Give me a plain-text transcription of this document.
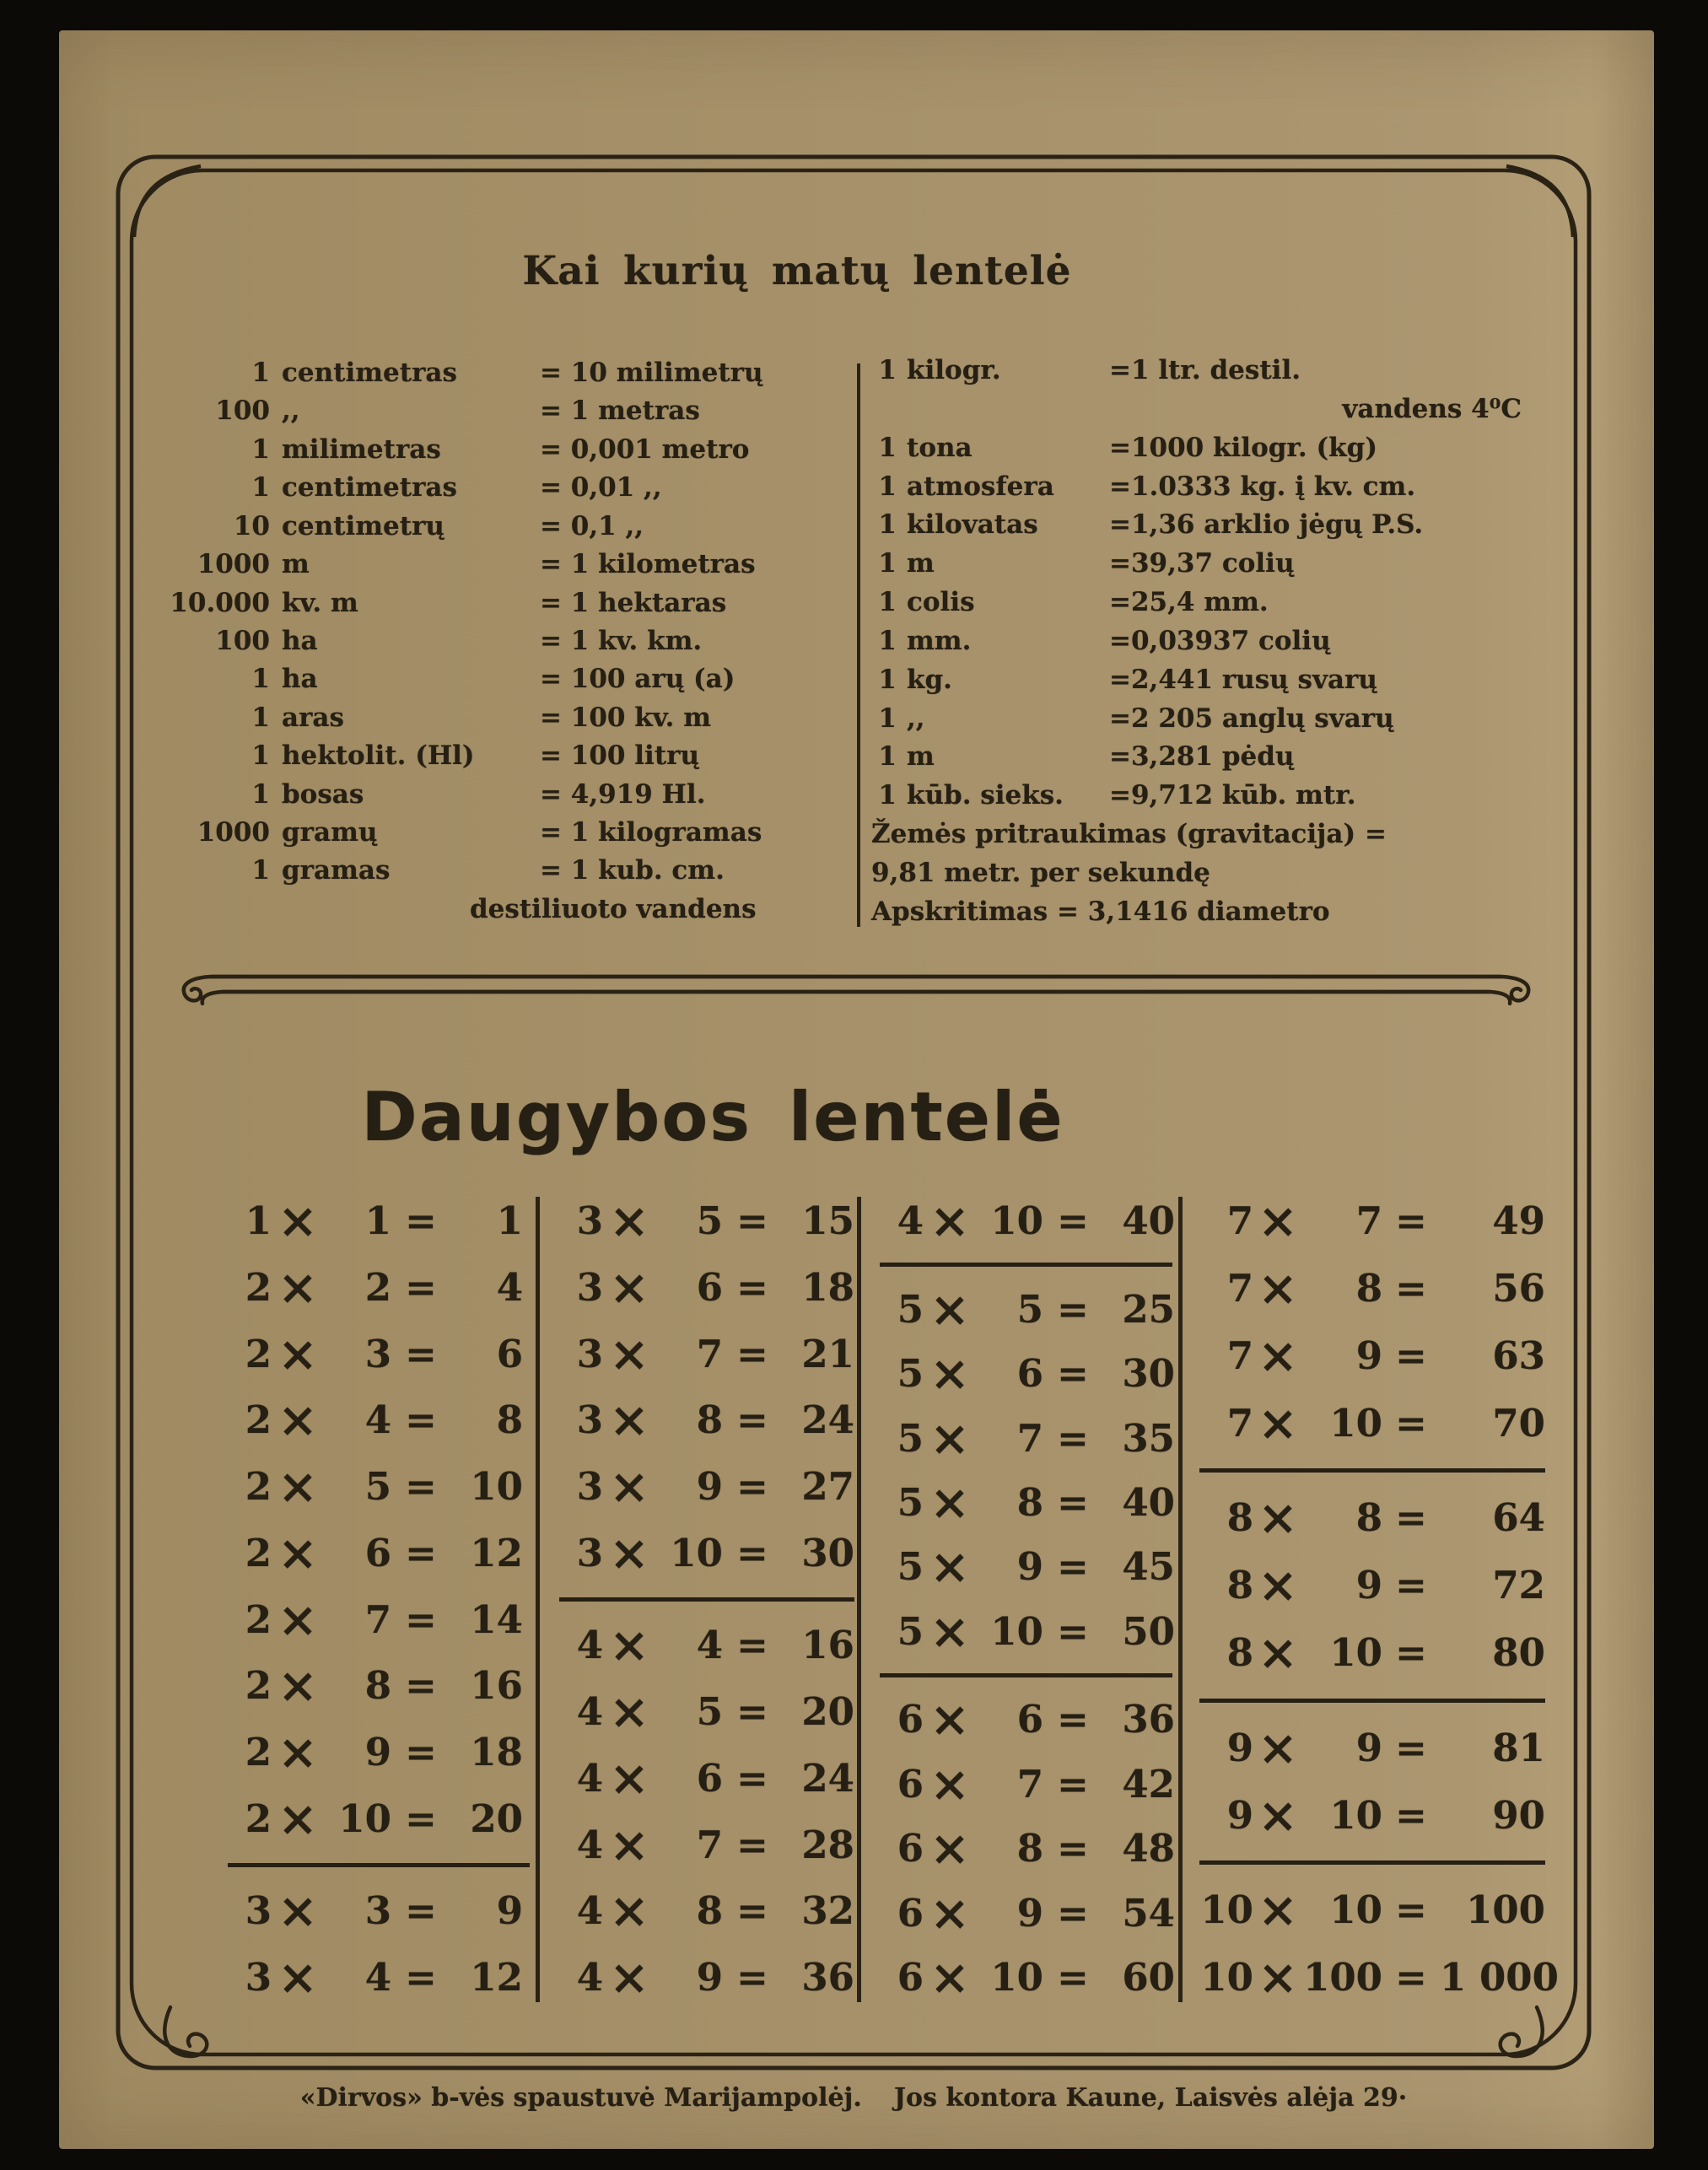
Kai kurių matų lentelė
1 centimetras	= 10 milimetrų
100 ,,	= 1 metras
1 milimetras	= 0,001 metro
1 centimetras	= 0,01 ,,
10 centimetrų	= 0,1 ,,
1000 m	= 1 kilometras
10.000 kv. m	= 1 hektaras
100 ha	= 1 kv. km.
1 ha	= 100 arų (a)
1 aras	= 100 kv. m
1 hektolit. (Hl)	= 100 litrų
1 bosas	= 4,919 Hl.
1000 gramų	= 1 kilogramas
1 gramas	= 1 kub. cm.
destiliuoto vandens
1 kilogr.	=1 ltr. destil.
vandens 4⁰C
1 tona	=1000 kilogr. (kg)
1 atmosfera	=1.0333 kg. į kv. cm.
1 kilovatas	=1,36 arklio jėgų P.S.
1 m	=39,37 colių
1 colis	=25,4 mm.
1 mm.	=0,03937 colių
1 kg.	=2,441 rusų svarų
1 ,,	=2 205 anglų svarų
1 m	=3,281 pėdų
1 kūb. sieks.	=9,712 kūb. mtr.
Žemės pritraukimas (gravitacija) =
9,81 metr. per sekundę
Apskritimas = 3,1416 diametro
Daugybos lentelė
1 ×	1 =	1
2 ×	2 =	4
2 ×	3 =	6
2 ×	4 =	8
2 ×	5 = 10
2 ×	6 = 12
2 ×	7 = 14
2 ×	8 = 16
2 ×	9 = 18
2 × 10 = 20
3 ×	3 =	9
3 ×	4 = 12
3 ×	5 = 15
3 ×	6 = 18
3 ×	7 = 21
3 ×	8 = 24
3 ×	9 = 27
3 × 10 = 30
4 ×	4 = 16
4 ×	5 = 20
4 ×	6 = 24
4 ×	7 = 28
4 ×	8 = 32
4 ×	9 = 36
4 × 10 = 40
5 ×	5 = 25
5 ×	6 = 30
5 ×	7 = 35
5 ×	8 = 40
5 ×	9 = 45
5 × 10 = 50
6 ×	6 = 36
6 ×	7 = 42
6 ×	8 = 48
6 ×	9 = 54
6 × 10 = 60
7 ×	7 =	49
7 ×	8 =	56
7 ×	9 =	63
7 × 10 =	70
8 ×	8 =	64
8 ×	9 =	72
8 × 10 =	80
9 ×	9 =	81
9 × 10 =	90
10 × 10 =	100
10 × 100 = 1 000
«Dirvos» b-vės spaustuvė Marijampolėj. Jos kontora Kaune, Laisvės alėja 29·
